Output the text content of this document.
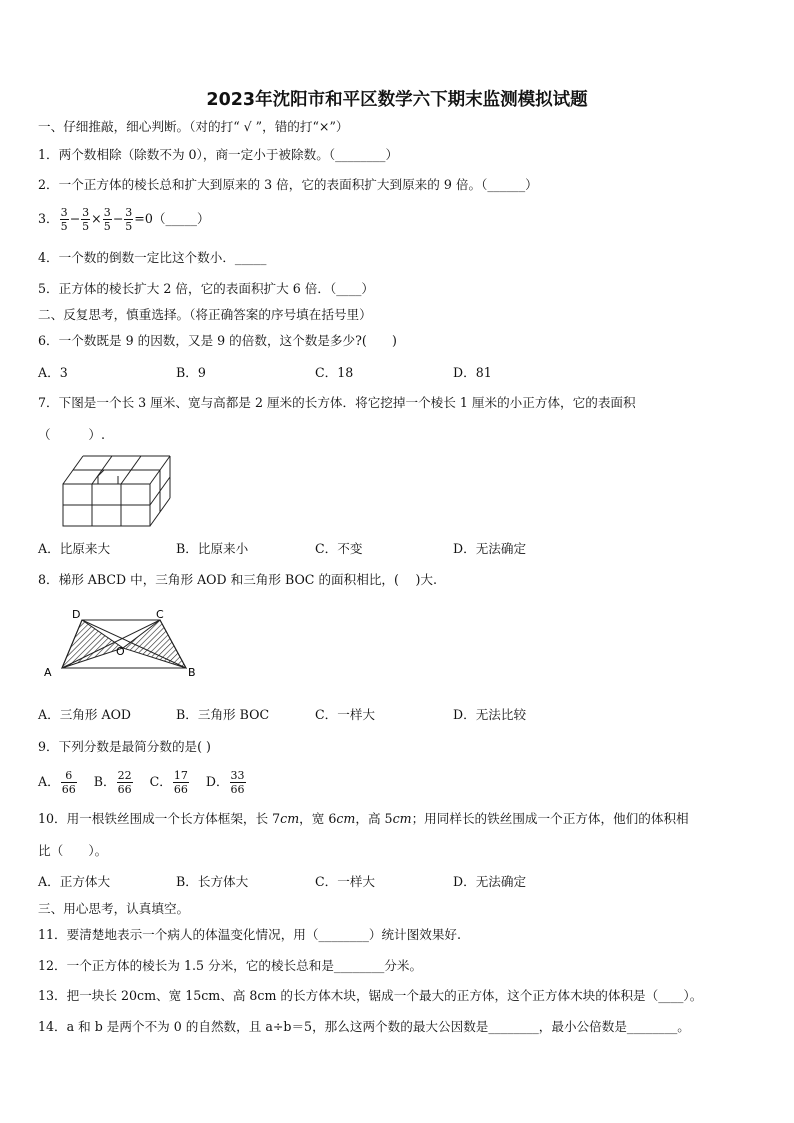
2023年沈阳市和平区数学六下期末监测模拟试题
一、仔细推敲，细心判断。（对的打“ √ ”，错的打“×”）
1．两个数相除（除数不为 0），商一定小于被除数。（________）
2．一个正方体的棱长总和扩大到原来的 3 倍，它的表面积扩大到原来的 9 倍。（______）
3． $\frac{3}{5} - \frac{3}{5} \times \frac{3}{5} - \frac{3}{5}$ =0（_____）
4．一个数的倒数一定比这个数小．_____
5．正方体的棱长扩大 2 倍，它的表面积扩大 6 倍．（____）
二、反复思考，慎重选择。（将正确答案的序号填在括号里）
6．一个数既是 9 的因数，又是 9 的倍数，这个数是多少?(　　)
A．3	B．9	C．18	D．81
7．下图是一个长 3 厘米、宽与高都是 2 厘米的长方体．将它挖掉一个棱长 1 厘米的小正方体，它的表面积
（　　　）.
A．比原来大	B．比原来小	C．不变	D．无法确定
8．梯形 ABCD 中，三角形 AOD 和三角形 BOC 的面积相比，(　 )大.
D	C
O
A	B
A．三角形 AOD	B．三角形 BOC	C．一样大	D．无法比较
9．下列分数是最简分数的是( )
A． $\frac{6}{66}$ B． $\frac{22}{66}$ C． $\frac{17}{66}$ D． $\frac{33}{66}$
10．用一根铁丝围成一个长方体框架，长 7cm，宽 6cm，高 5cm；用同样长的铁丝围成一个正方体，他们的体积相
比（　　）。
A．正方体大	B．长方体大	C．一样大	D．无法确定
三、用心思考，认真填空。
11．要清楚地表示一个病人的体温变化情况，用（________）统计图效果好.
12．一个正方体的棱长为 1.5 分米，它的棱长总和是________分米。
13．把一块长 20cm、宽 15cm、高 8cm 的长方体木块，锯成一个最大的正方体，这个正方体木块的体积是（____）。
14．a 和 b 是两个不为 0 的自然数，且 a÷b＝5，那么这两个数的最大公因数是________，最小公倍数是________。
